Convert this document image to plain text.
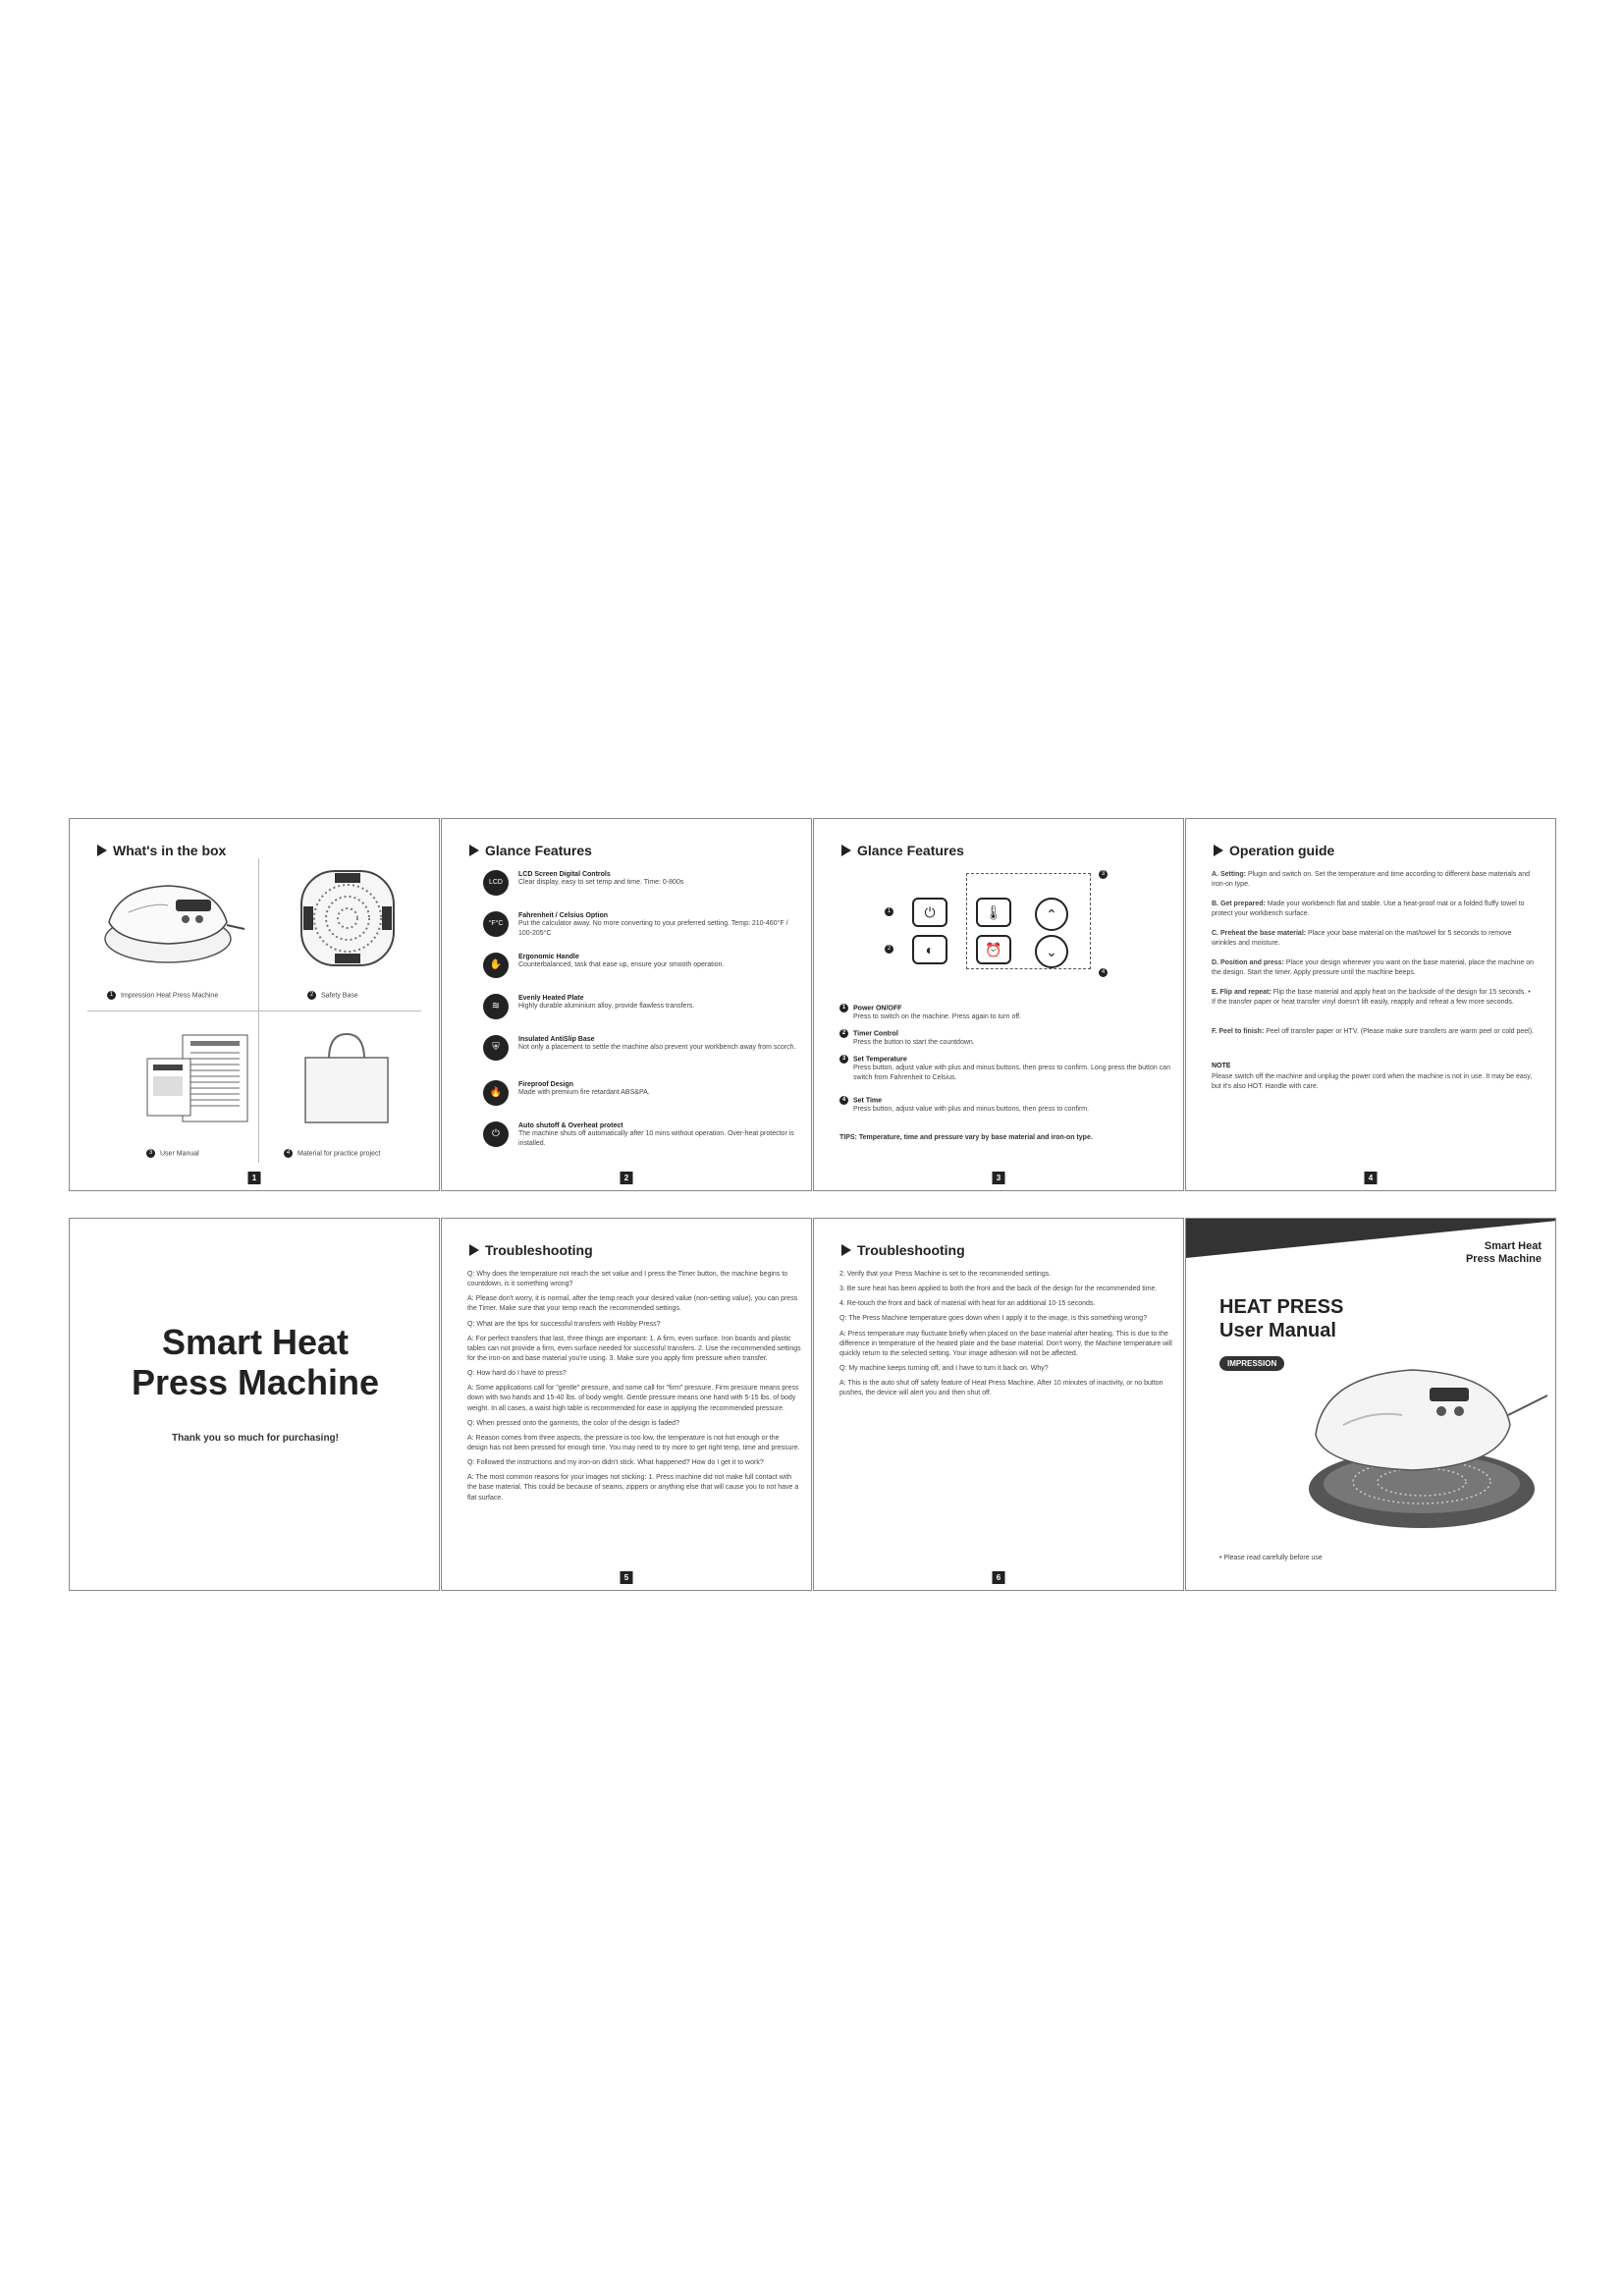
What's in the box
1 Impression Heat Press Machine	2 Safety Base
3 User Manual	4 Material for practice project
1
Glance Features
LCD
LCD Screen Digital Controls
Clear display, easy to set temp and time. Time: 0-800s
°F°C
Fahrenheit / Celsius Option
Put the calculator away. No more converting to your preferred setting. Temp: 210-460°F / 100-205°C
✋
Ergonomic Handle
Counterbalanced, task that ease up, ensure your smooth operation.
≋
Evenly Heated Plate
Highly durable aluminium alloy, provide flawless transfers.
⛨
Insulated AntiSlip Base
Not only a placement to settle the machine also prevent your workbench away from scorch.
🔥
Fireproof Design
Made with premium fire retardant ABS&PA.
⏻
Auto shutoff & Overheat protect
The machine shuts off automatically after 10 mins without operation. Over-heat protector is installed.
2
Glance Features
⏻
◐
🌡
⏰
⌃
⌄
1
2
3
4
1 Power ON/OFF
Press to switch on the machine. Press again to turn off.
2 Timer Control
Press the button to start the countdown.
3 Set Temperature
Press button, adjust value with plus and minus buttons, then press to confirm. Long press the button can switch from Fahrenheit to Celsius.
4 Set Time
Press button, adjust value with plus and minus buttons, then press to confirm.
TIPS: Temperature, time and pressure vary by base material and iron-on type.
3
Operation guide
A. Setting: Plugin and switch on. Set the temperature and time according to different base materials and iron-on type.
B. Get prepared: Made your workbench flat and stable. Use a heat-proof mat or a folded fluffy towel to protect your workbench surface.
C. Preheat the base material: Place your base material on the mat/towel for 5 seconds to remove wrinkles and moisture.
D. Position and press: Place your design wherever you want on the base material, place the machine on the design. Start the timer. Apply pressure until the machine beeps.
E. Flip and repeat: Flip the base material and apply heat on the backside of the design for 15 seconds. • If the transfer paper or heat transfer vinyl doesn't lift easily, reapply and reheat a few more seconds.
F. Peel to finish: Peel off transfer paper or HTV. (Please make sure transfers are warm peel or cold peel).
NOTE
Please switch off the machine and unplug the power cord when the machine is not in use. It may be easy, but it's also HOT. Handle with care.
4
Smart Heat
Press Machine
Thank you so much for purchasing!
Troubleshooting

Q: Why does the temperature not reach the set value and I press the Timer button, the machine begins to countdown, is it something wrong?

A: Please don't worry, it is normal, after the temp reach your desired value (non-setting value), you can press the Timer. Make sure that your temp reach the recommended settings.

Q: What are the tips for successful transfers with Hobby Press?

A: For perfect transfers that last, three things are important: 1. A firm, even surface. Iron boards and plastic tables can not provide a firm, even surface needed for successful transfers. 2. Use the recommended settings for the iron-on and base material you're using. 3. Make sure you apply firm pressure when transfer.

Q: How hard do I have to press?

A: Some applications call for "gentle" pressure, and some call for "firm" pressure. Firm pressure means press down with two hands and 15-40 lbs. of body weight. Gentle pressure means one hand with 5-15 lbs. of body weight. In all cases, a waist high table is recommended for ease in applying the recommended pressure.

Q: When pressed onto the garments, the color of the design is faded?

A: Reason comes from three aspects, the pressure is too low, the temperature is not hot enough or the design has not been pressed for enough time. You may need to try more to get right temp, time and pressure.

Q: Followed the instructions and my iron-on didn't stick. What happened? How do I get it to work?

A: The most common reasons for your images not sticking: 1. Press machine did not make full contact with the base material. This could be because of seams, zippers or anything else that will cause you to not have a flat surface.

5
Troubleshooting

2. Verify that your Press Machine is set to the recommended settings.

3. Be sure heat has been applied to both the front and the back of the design for the recommended time.

4. Re-touch the front and back of material with heat for an additional 10-15 seconds.

Q: The Press Machine temperature goes down when I apply it to the image, is this something wrong?

A: Press temperature may fluctuate briefly when placed on the base material after heating. This is due to the difference in temperature of the heated plate and the base material. Don't worry, the Machine temperature will quickly return to the selected setting. Your image adhesion will not be affected.

Q: My machine keeps turning off, and I have to turn it back on. Why?

A: This is the auto shut off safety feature of Heat Press Machine. After 10 minutes of inactivity, or no button pushes, the device will alert you and then shut off.

6
Smart Heat
Press Machine
HEAT PRESS
User Manual
IMPRESSION
• Please read carefully before use
